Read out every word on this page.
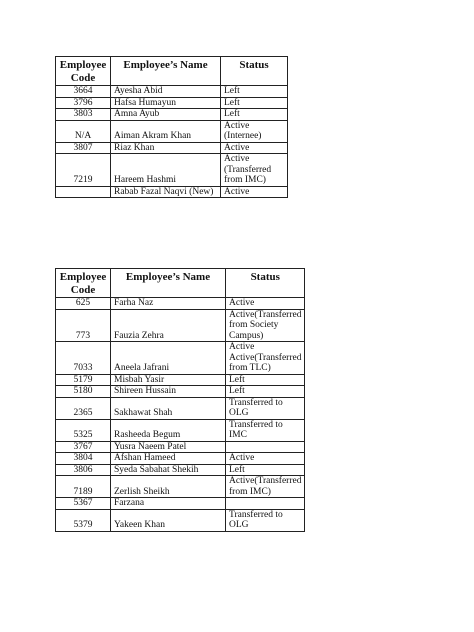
Employee Code	Employee’s Name	Status
3664	Ayesha Abid	Left
3796	Hafsa Humayun	Left
3803	Amna Ayub	Left
N/A	Aiman Akram Khan	Active
(Internee)
3807	Riaz Khan	Active
7219	Hareem Hashmi	Active
(Transferred
from IMC)
	Rabab Fazal Naqvi (New)	Active
Employee Code	Employee’s Name	Status
625	Farha Naz	Active
773	Fauzia Zehra	Active(Transferred
from Society
Campus)
7033	Aneela Jafrani	Active
Active(Transferred
from TLC)
5179	Misbah Yasir	Left
5180	Shireen Hussain	Left
2365	Sakhawat Shah	Transferred to
OLG
5325	Rasheeda Begum	Transferred to
IMC
3767	Yusra Naeem Patel	
3804	Afshan Hameed	Active
3806	Syeda Sabahat Shekih	Left
7189	Zerlish Sheikh	Active(Transferred
from IMC)
5367	Farzana	
5379	Yakeen Khan	Transferred to
OLG
